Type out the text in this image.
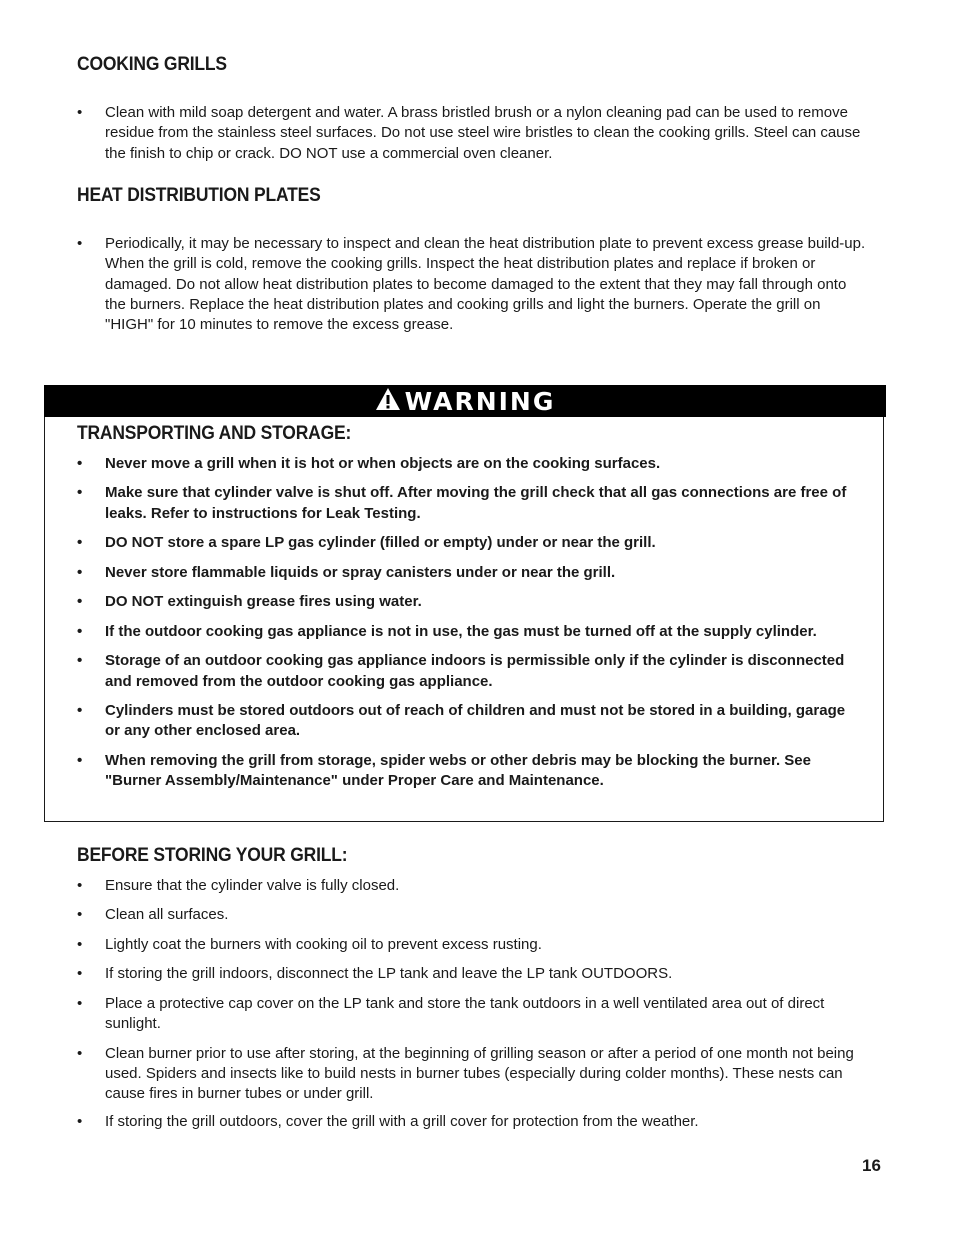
COOKING GRILLS
• Clean with mild soap detergent and water. A brass bristled brush or a nylon cleaning pad can be used to remove residue from the stainless steel surfaces. Do not use steel wire bristles to clean the cooking grills. Steel can cause the finish to chip or crack. DO NOT use a commercial oven cleaner.
HEAT DISTRIBUTION PLATES
• Periodically, it may be necessary to inspect and clean the heat distribution plate to prevent excess grease build-up. When the grill is cold, remove the cooking grills. Inspect the heat distribution plates and replace if broken or damaged. Do not allow heat distribution plates to become damaged to the extent that they may fall through onto the burners. Replace the heat distribution plates and cooking grills and light the burners. Operate the grill on "HIGH" for 10 minutes to remove the excess grease.
WARNING
TRANSPORTING AND STORAGE:
• Never move a grill when it is hot or when objects are on the cooking surfaces.
• Make sure that cylinder valve is shut off. After moving the grill check that all gas connections are free of leaks. Refer to instructions for Leak Testing.
• DO NOT store a spare LP gas cylinder (filled or empty) under or near the grill.
• Never store flammable liquids or spray canisters under or near the grill.
• DO NOT extinguish grease fires using water.
• If the outdoor cooking gas appliance is not in use, the gas must be turned off at the supply cylinder.
• Storage of an outdoor cooking gas appliance indoors is permissible only if the cylinder is disconnected and removed from the outdoor cooking gas appliance.
• Cylinders must be stored outdoors out of reach of children and must not be stored in a building, garage or any other enclosed area.
• When removing the grill from storage, spider webs or other debris may be blocking the burner. See "Burner Assembly/Maintenance" under Proper Care and Maintenance.
BEFORE STORING YOUR GRILL:
• Ensure that the cylinder valve is fully closed.
• Clean all surfaces.
• Lightly coat the burners with cooking oil to prevent excess rusting.
• If storing the grill indoors, disconnect the LP tank and leave the LP tank OUTDOORS.
• Place a protective cap cover on the LP tank and store the tank outdoors in a well ventilated area out of direct sunlight.
• Clean burner prior to use after storing, at the beginning of grilling season or after a period of one month not being used. Spiders and insects like to build nests in burner tubes (especially during colder months). These nests can cause fires in burner tubes or under grill.
• If storing the grill outdoors, cover the grill with a grill cover for protection from the weather.
16
